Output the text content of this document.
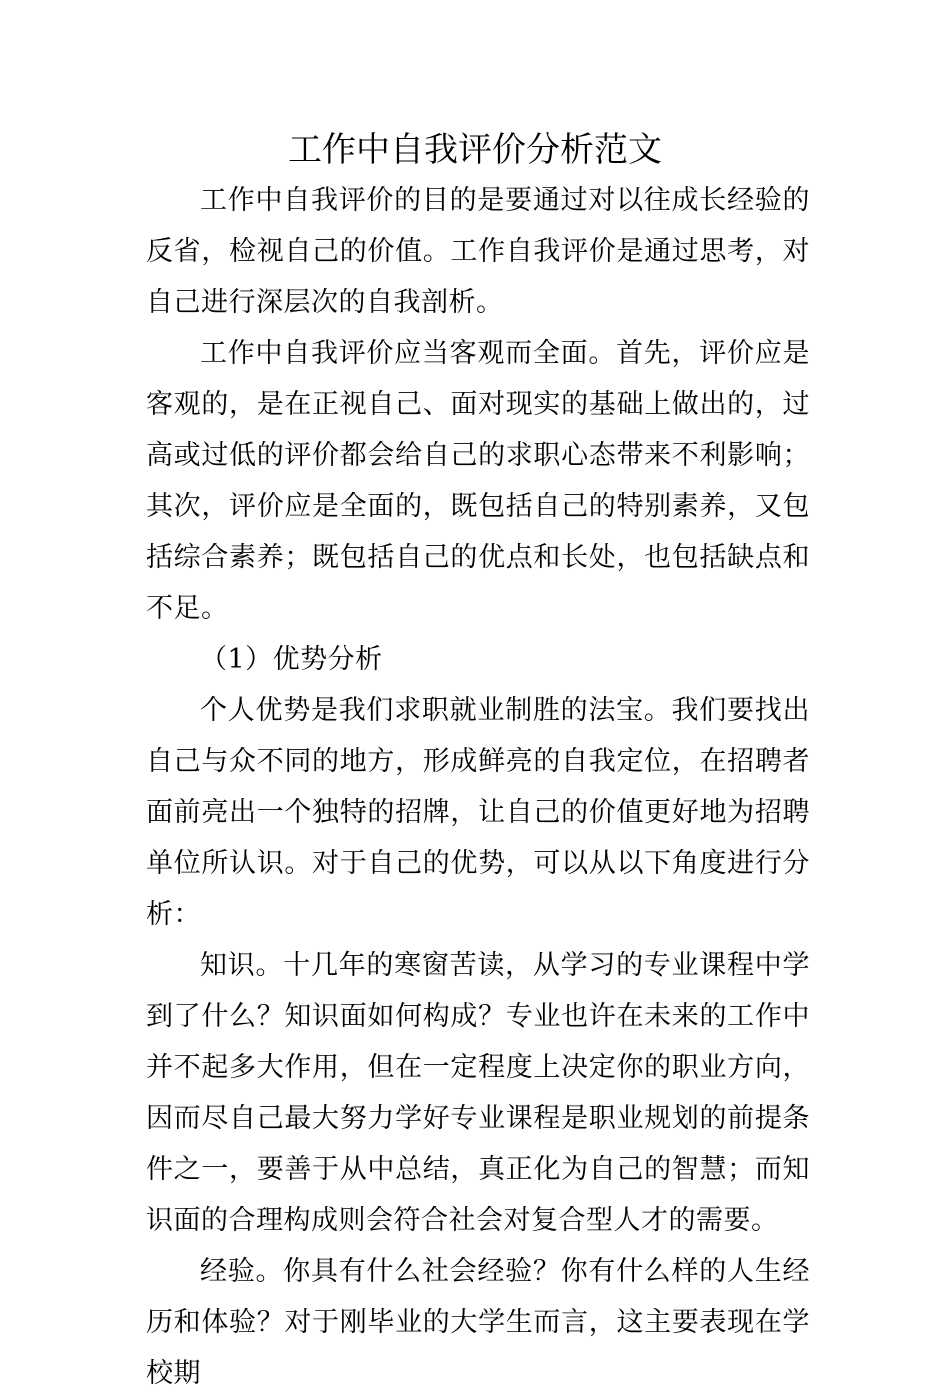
工作中自我评价分析范文

工作中自我评价的目的是要通过对以往成长经验的反省，检视自己的价值。工作自我评价是通过思考，对自己进行深层次的自我剖析。

工作中自我评价应当客观而全面。首先，评价应是客观的，是在正视自己、面对现实的基础上做出的，过高或过低的评价都会给自己的求职心态带来不利影响；其次，评价应是全面的，既包括自己的特别素养，又包括综合素养；既包括自己的优点和长处，也包括缺点和不足。

（1）优势分析

个人优势是我们求职就业制胜的法宝。我们要找出自己与众不同的地方，形成鲜亮的自我定位，在招聘者面前亮出一个独特的招牌，让自己的价值更好地为招聘单位所认识。对于自己的优势，可以从以下角度进行分析：

知识。十几年的寒窗苦读，从学习的专业课程中学到了什么？知识面如何构成？专业也许在未来的工作中并不起多大作用，但在一定程度上决定你的职业方向，因而尽自己最大努力学好专业课程是职业规划的前提条件之一，要善于从中总结，真正化为自己的智慧；而知识面的合理构成则会符合社会对复合型人才的需要。

经验。你具有什么社会经验？你有什么样的人生经历和体验？对于刚毕业的大学生而言，这主要表现在学校期
